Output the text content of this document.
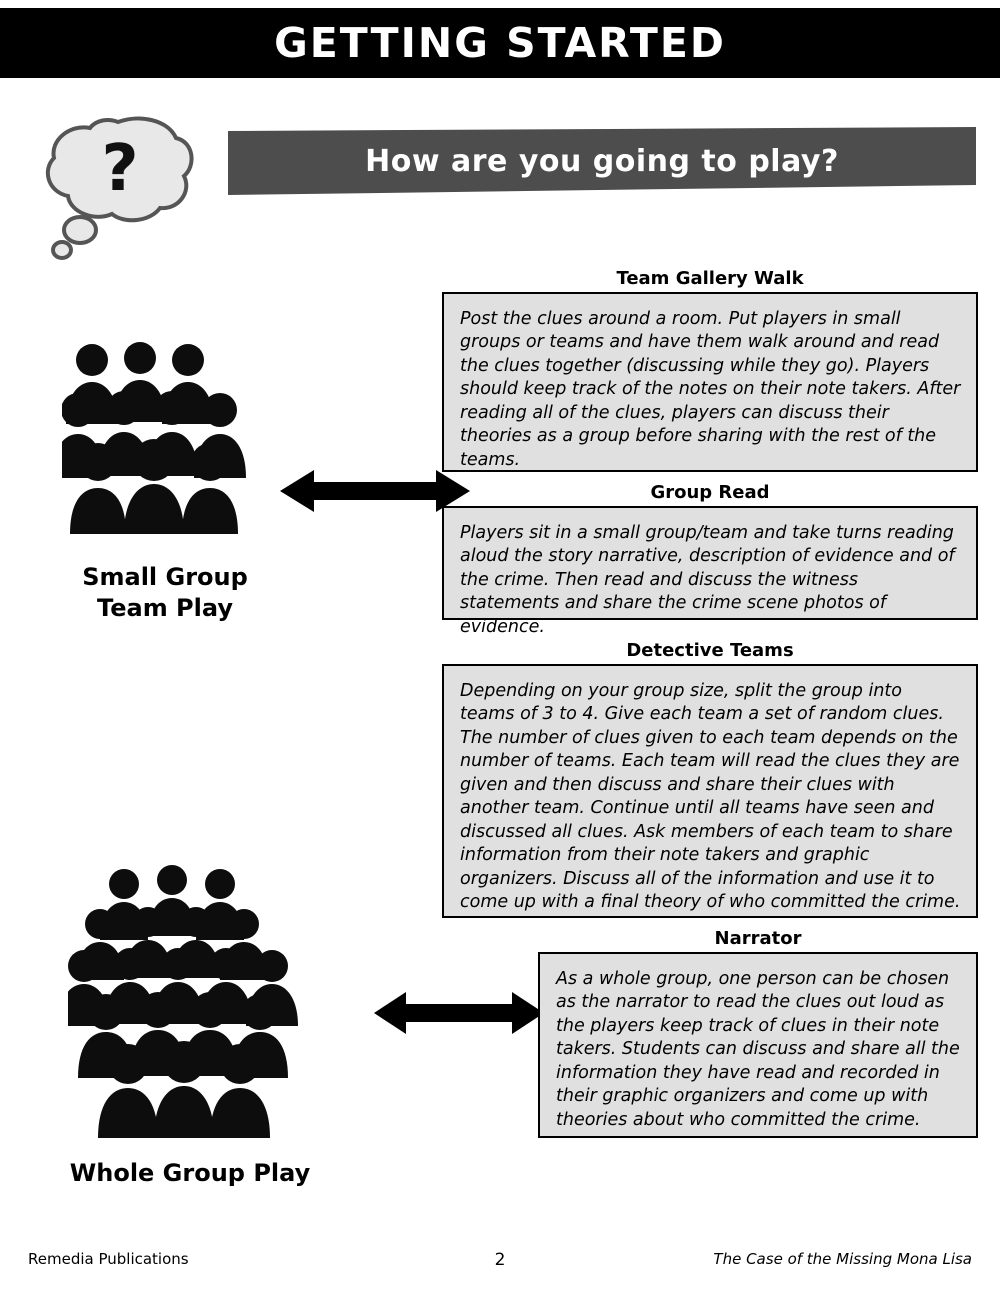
GETTING STARTED
?	How are you going to play?
Small Group
Team Play
Whole Group Play
Team Gallery Walk
Post the clues around a room. Put players in small groups or teams and have them walk around and read the clues together (discussing while they go). Players should keep track of the notes on their note takers. After reading all of the clues, players can discuss their theories as a group before sharing with the rest of the teams.
Group Read
Players sit in a small group/team and take turns reading aloud the story narrative, description of evidence and of the crime. Then read and discuss the witness statements and share the crime scene photos of evidence.
Detective Teams
Depending on your group size, split the group into teams of 3 to 4. Give each team a set of random clues. The number of clues given to each team depends on the number of teams. Each team will read the clues they are given and then discuss and share their clues with another team. Continue until all teams have seen and discussed all clues. Ask members of each team to share information from their note takers and graphic organizers. Discuss all of the information and use it to come up with a final theory of who committed the crime.
Narrator
As a whole group, one person can be chosen as the narrator to read the clues out loud as the players keep track of clues in their note takers. Students can discuss and share all the information they have read and recorded in their graphic organizers and come up with theories about who committed the crime.
Remedia Publications	2	The Case of the Missing Mona Lisa
